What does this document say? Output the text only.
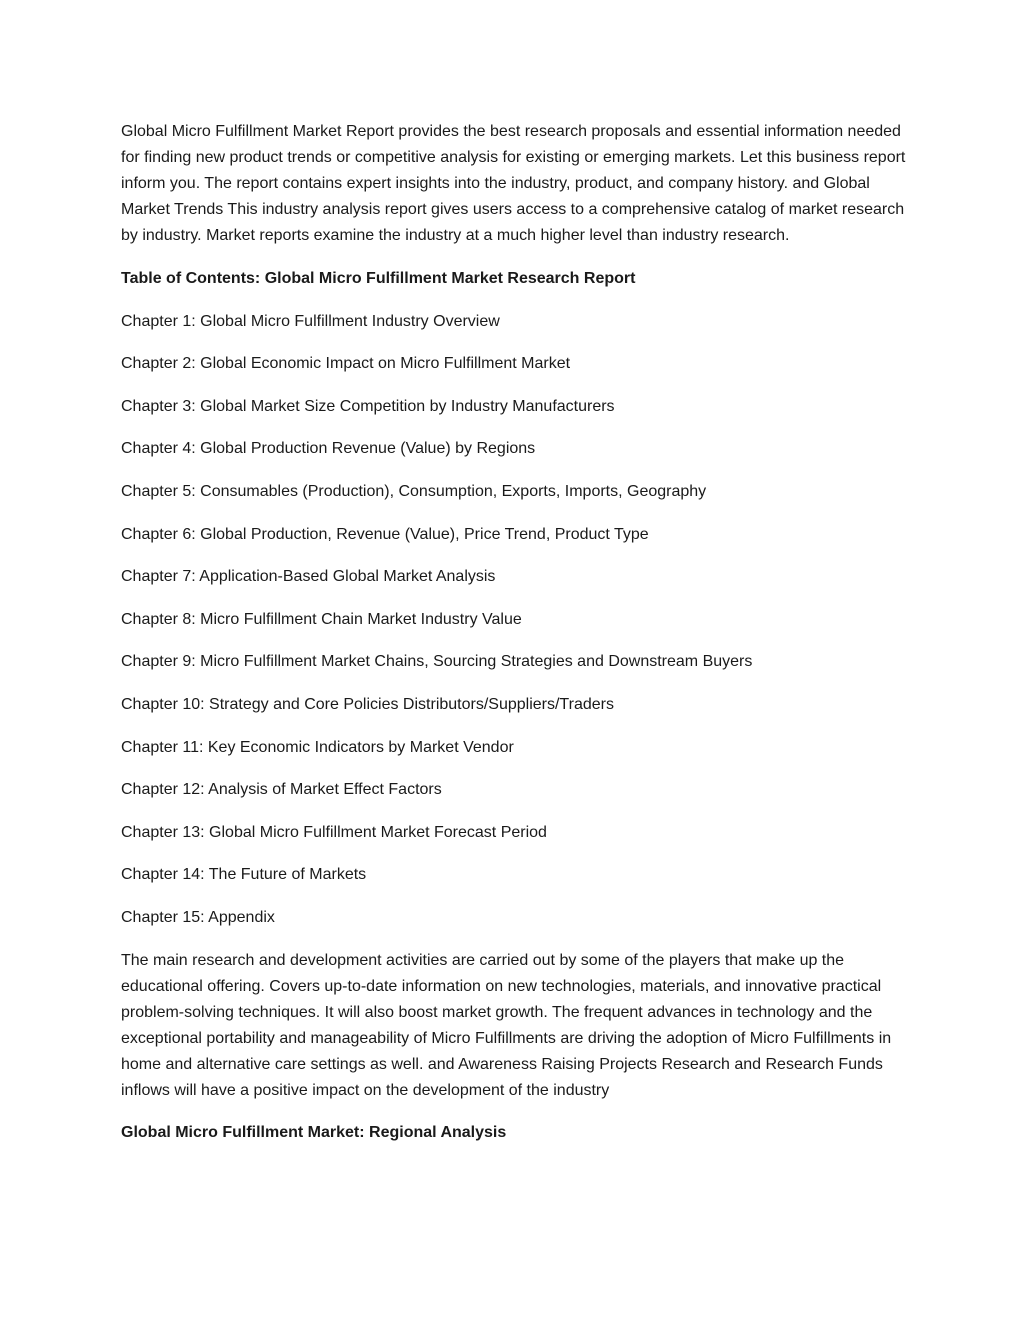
Global Micro Fulfillment Market Report provides the best research proposals and essential information needed for finding new product trends or competitive analysis for existing or emerging markets. Let this business report inform you. The report contains expert insights into the industry, product, and company history. and Global Market Trends This industry analysis report gives users access to a comprehensive catalog of market research by industry. Market reports examine the industry at a much higher level than industry research.

Table of Contents: Global Micro Fulfillment Market Research Report

Chapter 1: Global Micro Fulfillment Industry Overview

Chapter 2: Global Economic Impact on Micro Fulfillment Market

Chapter 3: Global Market Size Competition by Industry Manufacturers

Chapter 4: Global Production Revenue (Value) by Regions

Chapter 5: Consumables (Production), Consumption, Exports, Imports, Geography

Chapter 6: Global Production, Revenue (Value), Price Trend, Product Type

Chapter 7: Application-Based Global Market Analysis

Chapter 8: Micro Fulfillment Chain Market Industry Value

Chapter 9: Micro Fulfillment Market Chains, Sourcing Strategies and Downstream Buyers

Chapter 10: Strategy and Core Policies Distributors/Suppliers/Traders

Chapter 11: Key Economic Indicators by Market Vendor

Chapter 12: Analysis of Market Effect Factors

Chapter 13: Global Micro Fulfillment Market Forecast Period

Chapter 14: The Future of Markets

Chapter 15: Appendix

The main research and development activities are carried out by some of the players that make up the educational offering. Covers up-to-date information on new technologies, materials, and innovative practical problem-solving techniques. It will also boost market growth. The frequent advances in technology and the exceptional portability and manageability of Micro Fulfillments are driving the adoption of Micro Fulfillments in home and alternative care settings as well. and Awareness Raising Projects Research and Research Funds inflows will have a positive impact on the development of the industry

Global Micro Fulfillment Market: Regional Analysis
